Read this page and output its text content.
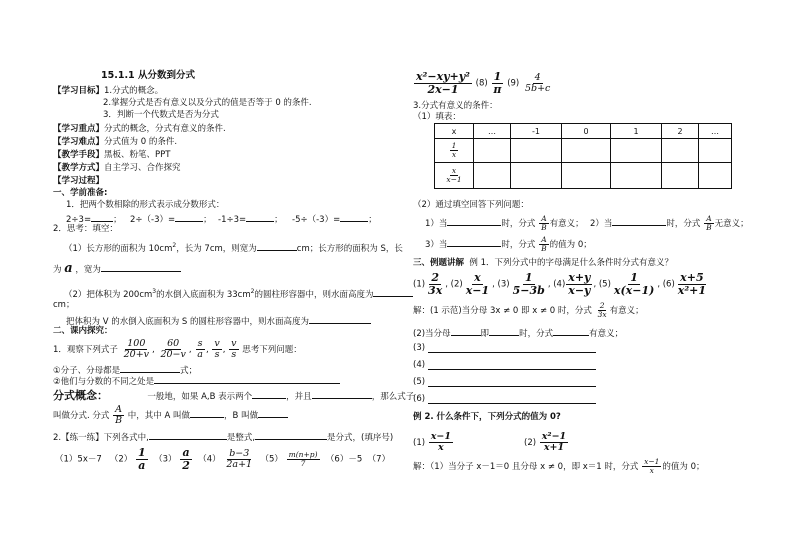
15.1.1 从分数到分式
【学习目标】1.分式的概念。
2.掌握分式是否有意义以及分式的值是否等于 0 的条件.
3．判断一个代数式是否为分式
【学习重点】分式的概念，分式有意义的条件.
【学习难点】分式值为 0 的条件.
【教学手段】黑板、粉笔、PPT
【教学方式】自主学习、合作探究
【学习过程】
一、学前准备:
1．把两个数相除的形式表示成分数形式：
2÷3=	； 2÷（-3）=	； -1÷3=	； -5÷（-3）=	；
2．思考：填空：
（1）长方形的面积为 $10cm^2$，长为 7cm，则宽为	cm；长方形的面积为 S，长
为 a ，宽为
（2）把体积为 $200cm^3$的水倒入底面积为 $33cm^2$的圆柱形容器中，则水面高度为
cm；
把体积为 V 的水倒入底面积为 S 的圆柱形容器中，则水面高度为
二、课内探究：
1．观察下列式子 $\frac{100}{20+v}$ , $\frac{60}{20-v}$ , $\frac{s}{a}$ , $\frac{v}{s}$ , $\frac{v}{s}$ 思考下列问题：
①分子、分母都是	式；
②他们与分数的不同之处是
分式概念：	一般地，如果 A,B 表示两个	，并且	，那么式子
叫做分式. 分式 $\frac{A}{B}$ 中，其中 A 叫做	，B 叫做
2.【练一练】下列各式中,	是整式,	是分式，(填序号)
（1）5x－7 $(2) \frac{1}{a} (3) \frac{a}{2} (4) \frac{b-3}{2a+1} (5) \frac{m(n+p)}{7} (6)-5$ （7）
$\frac{\text{x²−xy+y²}}{2x-1} (8) \frac{1}{\pi} (9) \frac{4}{5b+c}$
3.分式有意义的条件：
（1）填表：
x	…	-1	0	1	2	…

$\frac{1}{x}$

$\frac{x}{x-1}$

（2）通过填空回答下列问题：
1）当	时，分式 $\frac{A}{B}$ 有意义； 2）当	时，分式 $\frac{A}{B}$ 无意义；
3）当	时，分式 $\frac{A}{B}$ 的值为 0；
三、例题讲解 例 1．下列分式中的字母满足什么条件时分式有意义？
$(1) \frac{2}{3x}$ , $(2) \frac{x}{x-1}$ , $(3) \frac{1}{5-3b}$ , $(4) \frac{x+y}{x-y}$ , $(5) \frac{1}{x(x-1)}$ , $(6) \frac{x+5}{\text{x²+1}}$
解：(1 示范)当分母 3x ≠ 0 即 x ≠ 0 时，分式 $\frac{2}{3x}$ 有意义；
(2)当分母	即	时，分式	有意义；
(3)
(4)
(5)
(6)
例 2. 什么条件下，下列分式的值为 0?
$(1) \frac{x-1}{x}$	$(2) \frac{\text{x²−1}}{x+1}$
解：（1）当分子 x－1＝0 且分母 x ≠ 0，即 x＝1 时，分式 $\frac{x-1}{x}$ 的值为 0；
